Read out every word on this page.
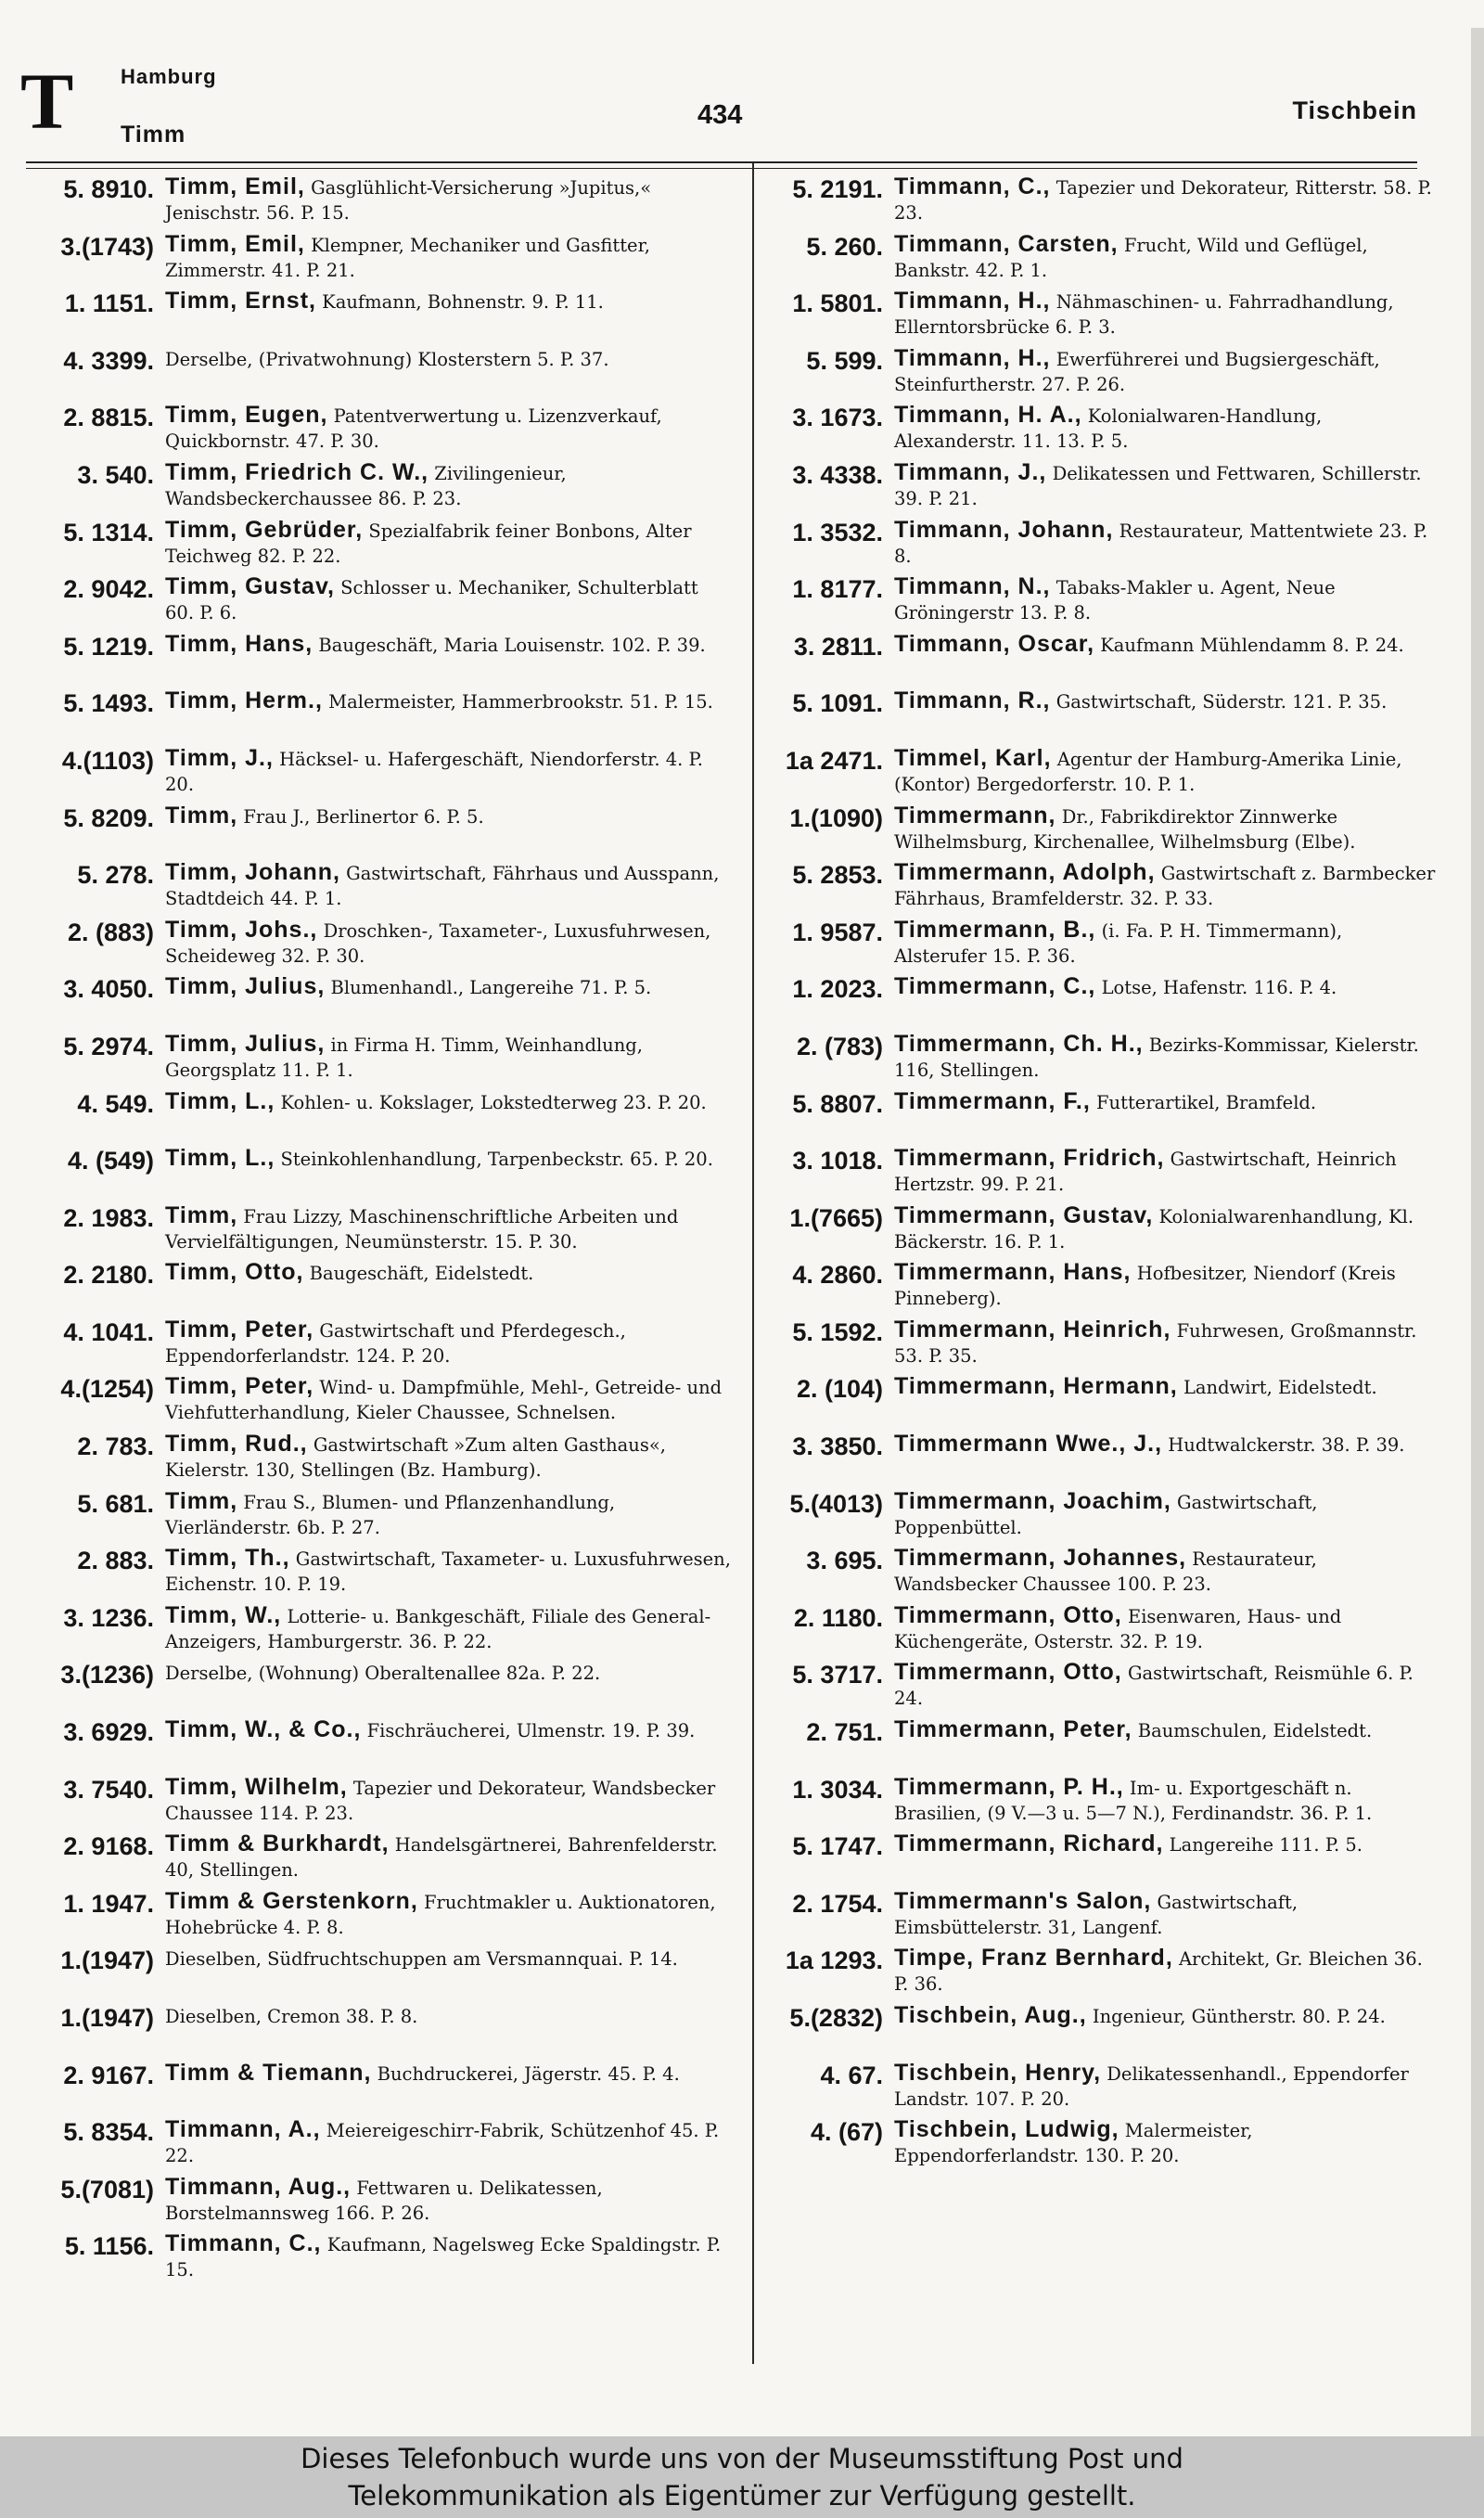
T Hamburg
Timm
434	Tischbein
5. 8910. Timm, Emil, Gasglühlicht-Versicherung »Jupitus,« Jenischstr. 56. P. 15.
3.(1743) Timm, Emil, Klempner, Mechaniker und Gasfitter, Zimmerstr. 41. P. 21.
1. 1151. Timm, Ernst, Kaufmann, Bohnenstr. 9. P. 11.
4. 3399. Derselbe, (Privatwohnung) Klosterstern 5. P. 37.
2. 8815. Timm, Eugen, Patentverwertung u. Lizenzverkauf, Quickbornstr. 47. P. 30.
3. 540. Timm, Friedrich C. W., Zivilingenieur, Wandsbeckerchaussee 86. P. 23.
5. 1314. Timm, Gebrüder, Spezialfabrik feiner Bonbons, Alter Teichweg 82. P. 22.
2. 9042. Timm, Gustav, Schlosser u. Mechaniker, Schulterblatt 60. P. 6.
5. 1219. Timm, Hans, Baugeschäft, Maria Louisenstr. 102. P. 39.
5. 1493. Timm, Herm., Malermeister, Hammerbrookstr. 51. P. 15.
4.(1103) Timm, J., Häcksel- u. Hafergeschäft, Niendorferstr. 4. P. 20.
5. 8209. Timm, Frau J., Berlinertor 6. P. 5.
5. 278. Timm, Johann, Gastwirtschaft, Fährhaus und Ausspann, Stadtdeich 44. P. 1.
2. (883) Timm, Johs., Droschken-, Taxameter-, Luxusfuhrwesen, Scheideweg 32. P. 30.
3. 4050. Timm, Julius, Blumenhandl., Langereihe 71. P. 5.
5. 2974. Timm, Julius, in Firma H. Timm, Weinhandlung, Georgsplatz 11. P. 1.
4. 549. Timm, L., Kohlen- u. Kokslager, Lokstedterweg 23. P. 20.
4. (549) Timm, L., Steinkohlenhandlung, Tarpenbeckstr. 65. P. 20.
2. 1983. Timm, Frau Lizzy, Maschinenschriftliche Arbeiten und Vervielfältigungen, Neumünsterstr. 15. P. 30.
2. 2180. Timm, Otto, Baugeschäft, Eidelstedt.
4. 1041. Timm, Peter, Gastwirtschaft und Pferdegesch., Eppendorferlandstr. 124. P. 20.
4.(1254) Timm, Peter, Wind- u. Dampfmühle, Mehl-, Getreide- und Viehfutterhandlung, Kieler Chaussee, Schnelsen.
2. 783. Timm, Rud., Gastwirtschaft »Zum alten Gasthaus«, Kielerstr. 130, Stellingen (Bz. Hamburg).
5. 681. Timm, Frau S., Blumen- und Pflanzenhandlung, Vierländerstr. 6b. P. 27.
2. 883. Timm, Th., Gastwirtschaft, Taxameter- u. Luxusfuhrwesen, Eichenstr. 10. P. 19.
3. 1236. Timm, W., Lotterie- u. Bankgeschäft, Filiale des General-Anzeigers, Hamburgerstr. 36. P. 22.
3.(1236) Derselbe, (Wohnung) Oberaltenallee 82a. P. 22.
3. 6929. Timm, W., & Co., Fischräucherei, Ulmenstr. 19. P. 39.
3. 7540. Timm, Wilhelm, Tapezier und Dekorateur, Wandsbecker Chaussee 114. P. 23.
2. 9168. Timm & Burkhardt, Handelsgärtnerei, Bahrenfelderstr. 40, Stellingen.
1. 1947. Timm & Gerstenkorn, Fruchtmakler u. Auktionatoren, Hohebrücke 4. P. 8.
1.(1947) Dieselben, Südfruchtschuppen am Versmannquai. P. 14.
1.(1947) Dieselben, Cremon 38. P. 8.
2. 9167. Timm & Tiemann, Buchdruckerei, Jägerstr. 45. P. 4.
5. 8354. Timmann, A., Meiereigeschirr-Fabrik, Schützenhof 45. P. 22.
5.(7081) Timmann, Aug., Fettwaren u. Delikatessen, Borstelmannsweg 166. P. 26.
5. 1156. Timmann, C., Kaufmann, Nagelsweg Ecke Spaldingstr. P. 15.
5. 2191. Timmann, C., Tapezier und Dekorateur, Ritterstr. 58. P. 23.
5. 260. Timmann, Carsten, Frucht, Wild und Geflügel, Bankstr. 42. P. 1.
1. 5801. Timmann, H., Nähmaschinen- u. Fahrradhandlung, Ellerntorsbrücke 6. P. 3.
5. 599. Timmann, H., Ewerführerei und Bugsiergeschäft, Steinfurtherstr. 27. P. 26.
3. 1673. Timmann, H. A., Kolonialwaren-Handlung, Alexanderstr. 11. 13. P. 5.
3. 4338. Timmann, J., Delikatessen und Fettwaren, Schillerstr. 39. P. 21.
1. 3532. Timmann, Johann, Restaurateur, Mattentwiete 23. P. 8.
1. 8177. Timmann, N., Tabaks-Makler u. Agent, Neue Gröningerstr 13. P. 8.
3. 2811. Timmann, Oscar, Kaufmann Mühlendamm 8. P. 24.
5. 1091. Timmann, R., Gastwirtschaft, Süderstr. 121. P. 35.
1a 2471. Timmel, Karl, Agentur der Hamburg-Amerika Linie, (Kontor) Bergedorferstr. 10. P. 1.
1.(1090) Timmermann, Dr., Fabrikdirektor Zinnwerke Wilhelmsburg, Kirchenallee, Wilhelmsburg (Elbe).
5. 2853. Timmermann, Adolph, Gastwirtschaft z. Barmbecker Fährhaus, Bramfelderstr. 32. P. 33.
1. 9587. Timmermann, B., (i. Fa. P. H. Timmermann), Alsterufer 15. P. 36.
1. 2023. Timmermann, C., Lotse, Hafenstr. 116. P. 4.
2. (783) Timmermann, Ch. H., Bezirks-Kommissar, Kielerstr. 116, Stellingen.
5. 8807. Timmermann, F., Futterartikel, Bramfeld.
3. 1018. Timmermann, Fridrich, Gastwirtschaft, Heinrich Hertzstr. 99. P. 21.
1.(7665) Timmermann, Gustav, Kolonialwarenhandlung, Kl. Bäckerstr. 16. P. 1.
4. 2860. Timmermann, Hans, Hofbesitzer, Niendorf (Kreis Pinneberg).
5. 1592. Timmermann, Heinrich, Fuhrwesen, Großmannstr. 53. P. 35.
2. (104) Timmermann, Hermann, Landwirt, Eidelstedt.
3. 3850. Timmermann Wwe., J., Hudtwalckerstr. 38. P. 39.
5.(4013) Timmermann, Joachim, Gastwirtschaft, Poppenbüttel.
3. 695. Timmermann, Johannes, Restaurateur, Wandsbecker Chaussee 100. P. 23.
2. 1180. Timmermann, Otto, Eisenwaren, Haus- und Küchengeräte, Osterstr. 32. P. 19.
5. 3717. Timmermann, Otto, Gastwirtschaft, Reismühle 6. P. 24.
2. 751. Timmermann, Peter, Baumschulen, Eidelstedt.
1. 3034. Timmermann, P. H., Im- u. Exportgeschäft n. Brasilien, (9 V.—3 u. 5—7 N.), Ferdinandstr. 36. P. 1.
5. 1747. Timmermann, Richard, Langereihe 111. P. 5.
2. 1754. Timmermann's Salon, Gastwirtschaft, Eimsbüttelerstr. 31, Langenf.
1a 1293. Timpe, Franz Bernhard, Architekt, Gr. Bleichen 36. P. 36.
5.(2832) Tischbein, Aug., Ingenieur, Güntherstr. 80. P. 24.
4. 67. Tischbein, Henry, Delikatessenhandl., Eppendorfer Landstr. 107. P. 20.
4. (67) Tischbein, Ludwig, Malermeister, Eppendorferlandstr. 130. P. 20.
Dieses Telefonbuch wurde uns von der Museumsstiftung Post und
Telekommunikation als Eigentümer zur Verfügung gestellt.
